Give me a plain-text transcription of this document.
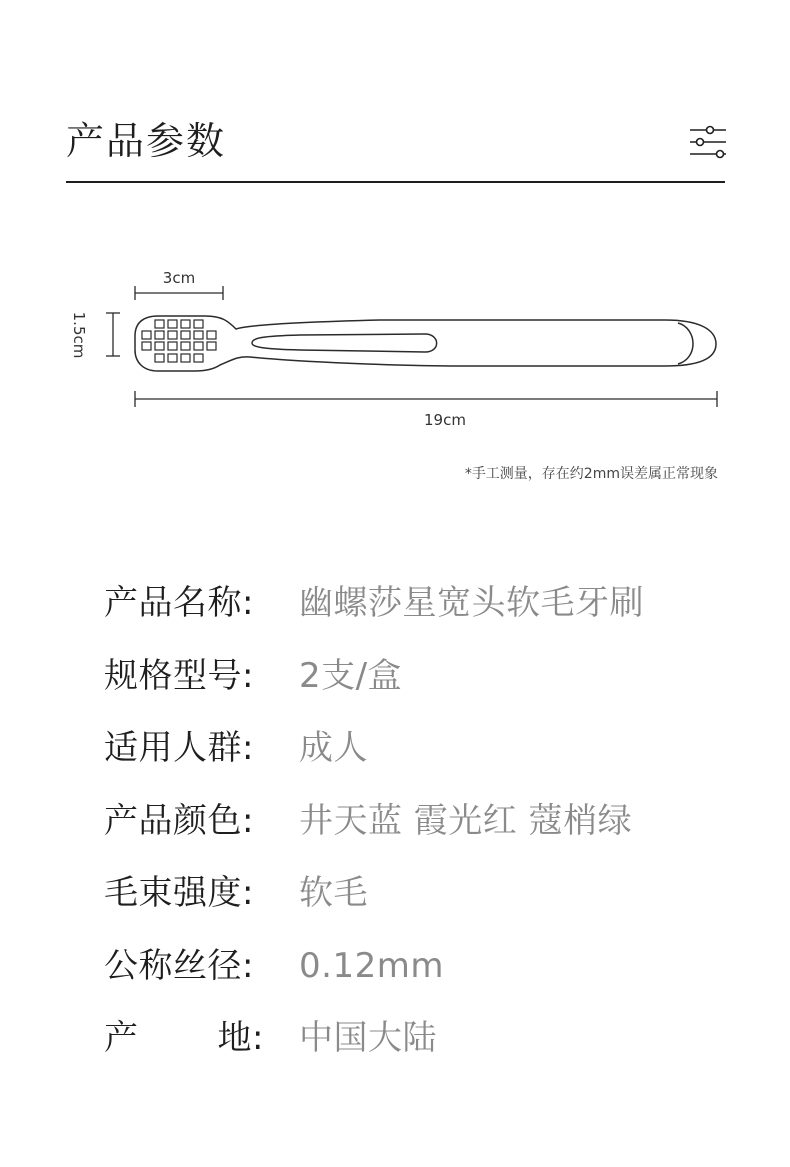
产品参数
3cm
1.5cm
19cm
*手工测量，存在约2mm误差属正常现象
产品名称:	幽螺莎星宽头软毛牙刷
规格型号:	2支/盒
适用人群:	成人
产品颜色:	井天蓝 霞光红 蔻梢绿
毛束强度:	软毛
公称丝径:	0.12mm
产 地: 中国大陆
